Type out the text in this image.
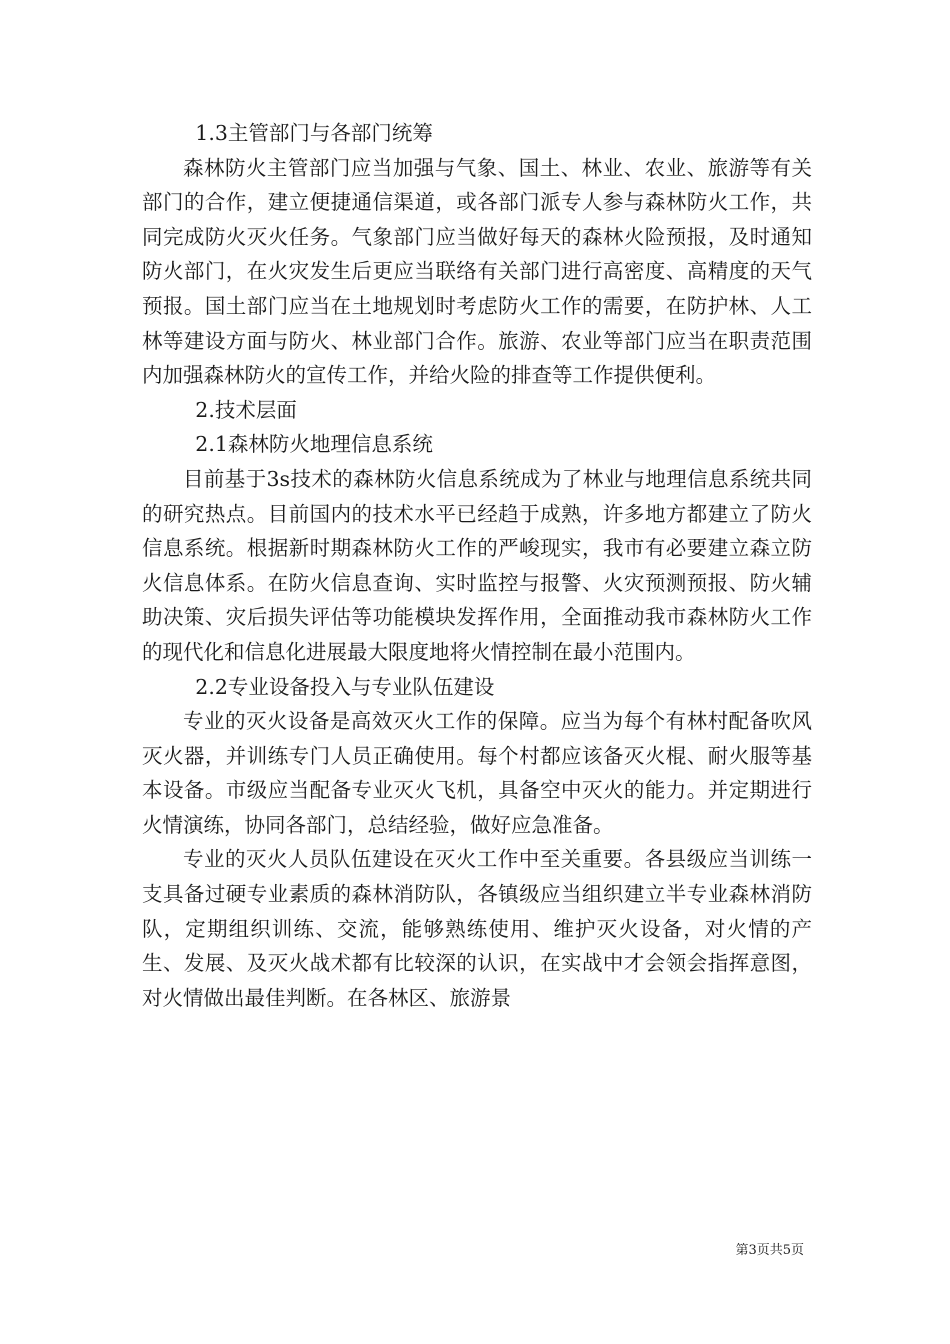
1.3主管部门与各部门统筹

森林防火主管部门应当加强与气象、国土、林业、农业、旅游等有关部门的合作，建立便捷通信渠道，或各部门派专人参与森林防火工作，共同完成防火灭火任务。气象部门应当做好每天的森林火险预报，及时通知防火部门，在火灾发生后更应当联络有关部门进行高密度、高精度的天气预报。国土部门应当在土地规划时考虑防火工作的需要，在防护林、人工林等建设方面与防火、林业部门合作。旅游、农业等部门应当在职责范围内加强森林防火的宣传工作，并给火险的排查等工作提供便利。

2.技术层面

2.1森林防火地理信息系统

目前基于3s技术的森林防火信息系统成为了林业与地理信息系统共同的研究热点。目前国内的技术水平已经趋于成熟，许多地方都建立了防火信息系统。根据新时期森林防火工作的严峻现实，我市有必要建立森立防火信息体系。在防火信息查询、实时监控与报警、火灾预测预报、防火辅助决策、灾后损失评估等功能模块发挥作用，全面推动我市森林防火工作的现代化和信息化进展最大限度地将火情控制在最小范围内。

2.2专业设备投入与专业队伍建设

专业的灭火设备是高效灭火工作的保障。应当为每个有林村配备吹风灭火器，并训练专门人员正确使用。每个村都应该备灭火棍、耐火服等基本设备。市级应当配备专业灭火飞机，具备空中灭火的能力。并定期进行火情演练，协同各部门，总结经验，做好应急准备。

专业的灭火人员队伍建设在灭火工作中至关重要。各县级应当训练一支具备过硬专业素质的森林消防队，各镇级应当组织建立半专业森林消防队，定期组织训练、交流，能够熟练使用、维护灭火设备，对火情的产生、发展、及灭火战术都有比较深的认识，在实战中才会领会指挥意图，对火情做出最佳判断。在各林区、旅游景

第3页共5页
